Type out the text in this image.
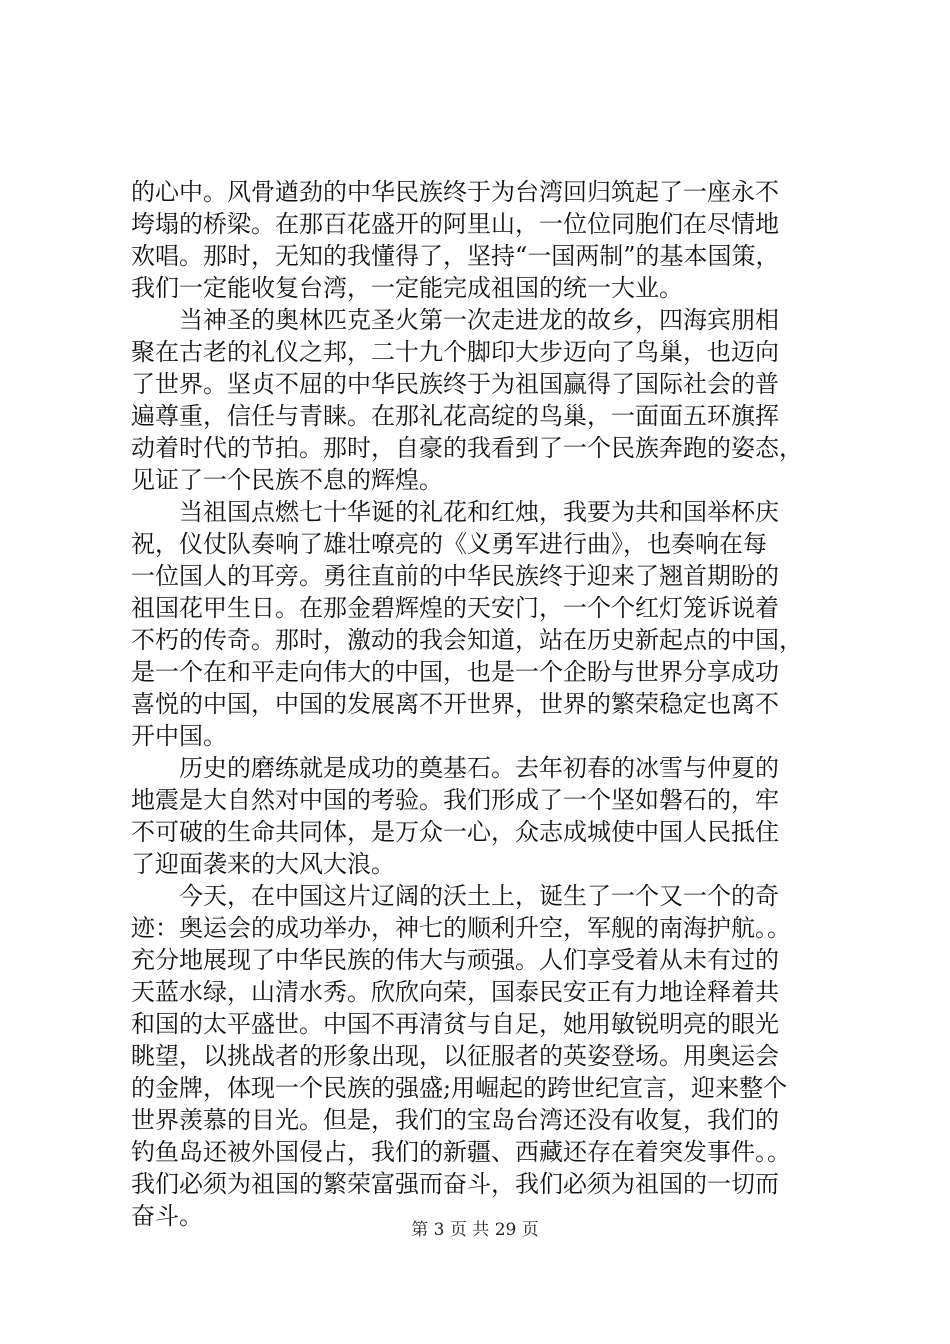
的心中。风骨遒劲的中华民族终于为台湾回归筑起了一座永不
垮塌的桥梁。在那百花盛开的阿里山，一位位同胞们在尽情地
欢唱。那时，无知的我懂得了，坚持“一国两制”的基本国策，
我们一定能收复台湾，一定能完成祖国的统一大业。
　　当神圣的奥林匹克圣火第一次走进龙的故乡，四海宾朋相
聚在古老的礼仪之邦，二十九个脚印大步迈向了鸟巢，也迈向
了世界。坚贞不屈的中华民族终于为祖国赢得了国际社会的普
遍尊重，信任与青睐。在那礼花高绽的鸟巢，一面面五环旗挥
动着时代的节拍。那时，自豪的我看到了一个民族奔跑的姿态，
见证了一个民族不息的辉煌。
　　当祖国点燃七十华诞的礼花和红烛，我要为共和国举杯庆
祝，仪仗队奏响了雄壮嘹亮的《义勇军进行曲》，也奏响在每
一位国人的耳旁。勇往直前的中华民族终于迎来了翘首期盼的
祖国花甲生日。在那金碧辉煌的天安门，一个个红灯笼诉说着
不朽的传奇。那时，激动的我会知道，站在历史新起点的中国，
是一个在和平走向伟大的中国，也是一个企盼与世界分享成功
喜悦的中国，中国的发展离不开世界，世界的繁荣稳定也离不
开中国。
　　历史的磨练就是成功的奠基石。去年初春的冰雪与仲夏的
地震是大自然对中国的考验。我们形成了一个坚如磐石的，牢
不可破的生命共同体，是万众一心，众志成城使中国人民抵住
了迎面袭来的大风大浪。
　　今天，在中国这片辽阔的沃土上，诞生了一个又一个的奇
迹：奥运会的成功举办，神七的顺利升空，军舰的南海护航。。
充分地展现了中华民族的伟大与顽强。人们享受着从未有过的
天蓝水绿，山清水秀。欣欣向荣，国泰民安正有力地诠释着共
和国的太平盛世。中国不再清贫与自足，她用敏锐明亮的眼光
眺望，以挑战者的形象出现，以征服者的英姿登场。用奥运会
的金牌，体现一个民族的强盛;用崛起的跨世纪宣言，迎来整个
世界羡慕的目光。但是，我们的宝岛台湾还没有收复，我们的
钓鱼岛还被外国侵占，我们的新疆、西藏还存在着突发事件。。
我们必须为祖国的繁荣富强而奋斗，我们必须为祖国的一切而
奋斗。	第 3 页 共 29 页
